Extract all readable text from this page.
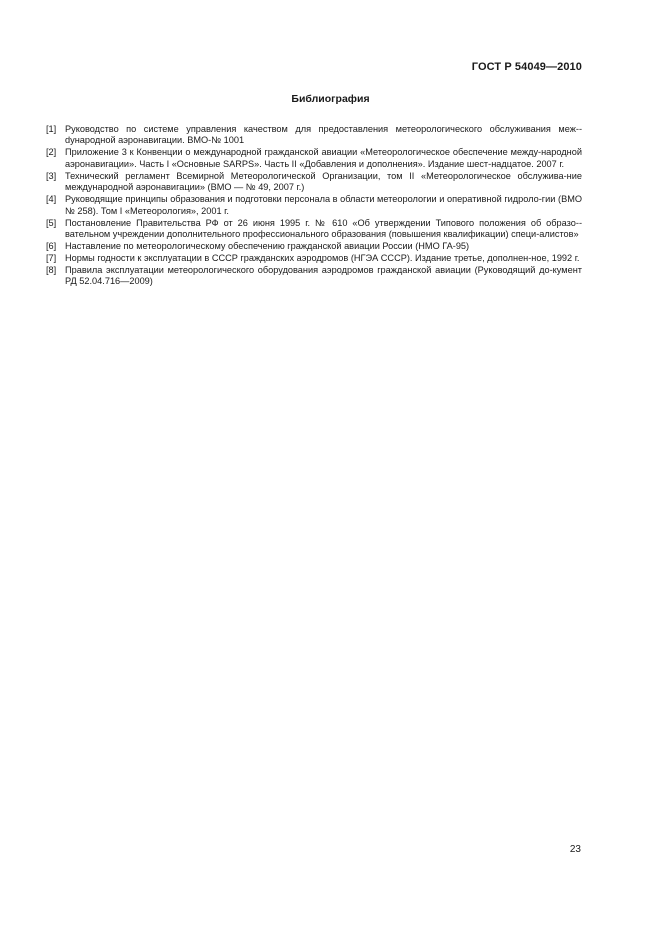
ГОСТ Р 54049—2010
Библиография
[1] Руководство по системе управления качеством для предоставления метеорологического обслуживания меж-dународной аэронавигации. ВМО-№ 1001
[2] Приложение 3 к Конвенции о международной гражданской авиации «Метеорологическое обеспечение между-народной аэронавигации». Часть I «Основные SARPS». Часть II «Добавления и дополнения». Издание шест-надцатое. 2007 г.
[3] Технический регламент Всемирной Метеорологической Организации, том II «Метеорологическое обслужива-ние международной аэронавигации» (ВМО — № 49, 2007 г.)
[4] Руководящие принципы образования и подготовки персонала в области метеорологии и оперативной гидроло-гии (ВМО № 258). Том I «Метеорология», 2001 г.
[5] Постановление Правительства РФ от 26 июня 1995 г. № 610 «Об утверждении Типового положения об образо-вательном учреждении дополнительного профессионального образования (повышения квалификации) специ-алистов»
[6] Наставление по метеорологическому обеспечению гражданской авиации России (НМО ГА-95)
[7] Нормы годности к эксплуатации в СССР гражданских аэродромов (НГЭА СССР). Издание третье, дополнен-ное, 1992 г.
[8] Правила эксплуатации метеорологического оборудования аэродромов гражданской авиации (Руководящий до-кумент РД 52.04.716—2009)
23
